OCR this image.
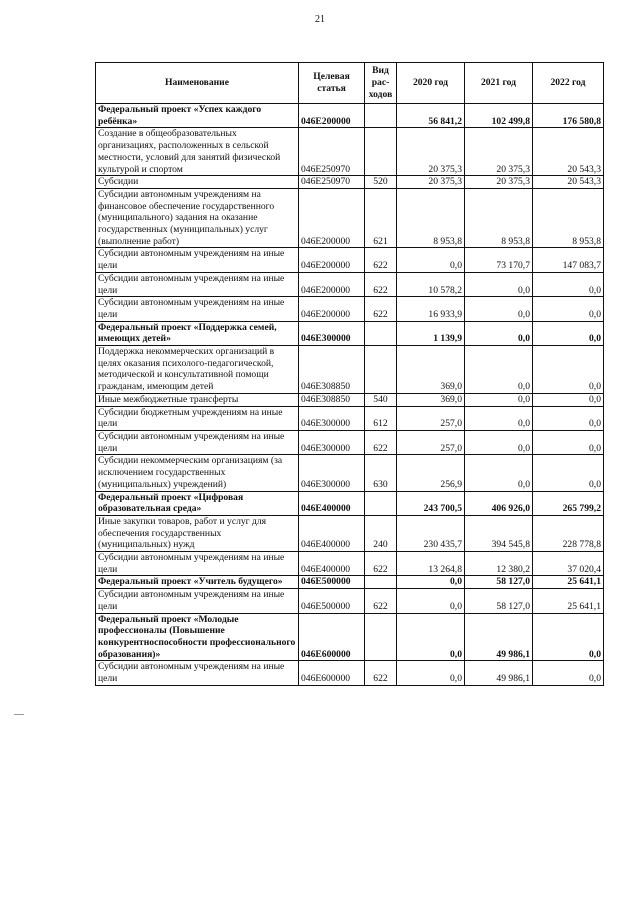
21
Наименование	Целевая статья	Вид рас-ходов	2020 год	2021 год	2022 год
Федеральный проект «Успех каждого ребёнка»	046E200000		56 841,2	102 499,8	176 580,8
Создание в общеобразовательных организациях, расположенных в сельской местности, условий для занятий физической культурой и спортом	046E250970		20 375,3	20 375,3	20 543,3
Субсидии	046E250970	520	20 375,3	20 375,3	20 543,3
Субсидии автономным учреждениям на финансовое обеспечение государственного (муниципального) задания на оказание государственных (муниципальных) услуг (выполнение работ)	046E200000	621	8 953,8	8 953,8	8 953,8
Субсидии автономным учреждениям на иные цели	046E200000	622	0,0	73 170,7	147 083,7
Субсидии автономным учреждениям на иные цели	046E200000	622	10 578,2	0,0	0,0
Субсидии автономным учреждениям на иные цели	046E200000	622	16 933,9	0,0	0,0
Федеральный проект «Поддержка семей, имеющих детей»	046E300000		1 139,9	0,0	0,0
Поддержка некоммерческих организаций в целях оказания психолого-педагогической, методической и консультативной помощи гражданам, имеющим детей	046E308850		369,0	0,0	0,0
Иные межбюджетные трансферты	046E308850	540	369,0	0,0	0,0
Субсидии бюджетным учреждениям на иные цели	046E300000	612	257,0	0,0	0,0
Субсидии автономным учреждениям на иные цели	046E300000	622	257,0	0,0	0,0
Субсидии некоммерческим организациям (за исключением государственных (муниципальных) учреждений)	046E300000	630	256,9	0,0	0,0
Федеральный проект «Цифровая образовательная среда»	046E400000		243 700,5	406 926,0	265 799,2
Иные закупки товаров, работ и услуг для обеспечения государственных (муниципальных) нужд	046E400000	240	230 435,7	394 545,8	228 778,8
Субсидии автономным учреждениям на иные цели	046E400000	622	13 264,8	12 380,2	37 020,4
Федеральный проект «Учитель будущего»	046E500000		0,0	58 127,0	25 641,1
Субсидии автономным учреждениям на иные цели	046E500000	622	0,0	58 127,0	25 641,1
Федеральный проект «Молодые профессионалы (Повышение конкурентноспособности профессионального образования)»	046E600000		0,0	49 986,1	0,0
Субсидии автономным учреждениям на иные цели	046E600000	622	0,0	49 986,1	0,0
